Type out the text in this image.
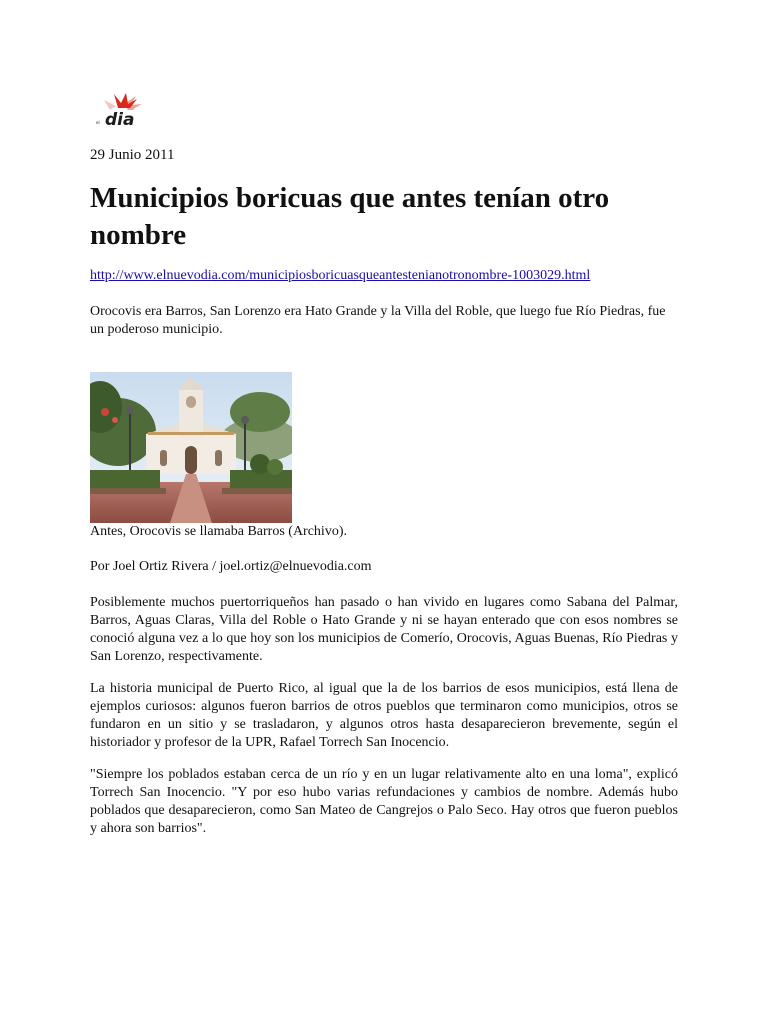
el dia
29 Junio 2011
Municipios boricuas que antes tenían otro nombre
http://www.elnuevodia.com/municipiosboricuasqueantestenianotronombre-1003029.html

Orocovis era Barros, San Lorenzo era Hato Grande y la Villa del Roble, que luego fue Río Piedras, fue un poderoso municipio.

Antes, Orocovis se llamaba Barros (Archivo).

Por Joel Ortiz Rivera / joel.ortiz@elnuevodia.com

Posiblemente muchos puertorriqueños han pasado o han vivido en lugares como Sabana del Palmar, Barros, Aguas Claras, Villa del Roble o Hato Grande y ni se hayan enterado que con esos nombres se conoció alguna vez a lo que hoy son los municipios de Comerío, Orocovis, Aguas Buenas, Río Piedras y San Lorenzo, respectivamente.

La historia municipal de Puerto Rico, al igual que la de los barrios de esos municipios, está llena de ejemplos curiosos: algunos fueron barrios de otros pueblos que terminaron como municipios, otros se fundaron en un sitio y se trasladaron, y algunos otros hasta desaparecieron brevemente, según el historiador y profesor de la UPR, Rafael Torrech San Inocencio.

"Siempre los poblados estaban cerca de un río y en un lugar relativamente alto en una loma", explicó Torrech San Inocencio. "Y por eso hubo varias refundaciones y cambios de nombre. Además hubo poblados que desaparecieron, como San Mateo de Cangrejos o Palo Seco. Hay otros que fueron pueblos y ahora son barrios".
